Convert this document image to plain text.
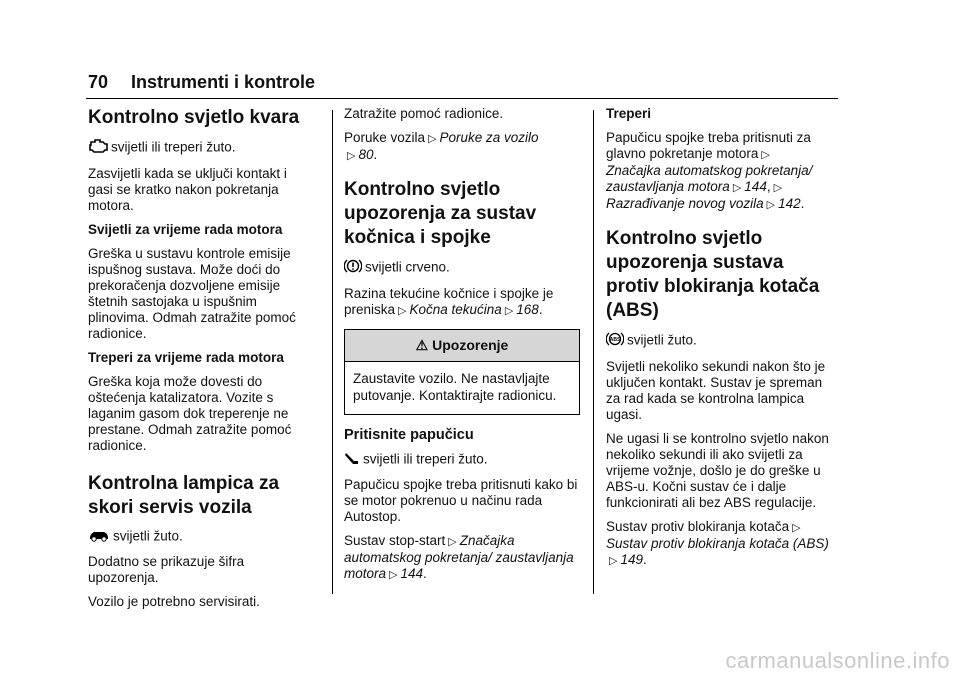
70 Instrumenti i kontrole
Kontrolno svjetlo kvara

svijetli ili treperi žuto.

Zasvijetli kada se uključi kontakt i gasi se kratko nakon pokretanja motora.

Svijetli za vrijeme rada motora

Greška u sustavu kontrole emisije ispušnog sustava. Može doći do prekoračenja dozvoljene emisije štetnih sastojaka u ispušnim plinovima. Odmah zatražite pomoć radionice.

Treperi za vrijeme rada motora

Greška koja može dovesti do oštećenja katalizatora. Vozite s laganim gasom dok treperenje ne prestane. Odmah zatražite pomoć radionice.

Kontrolna lampica za skori servis vozila

svijetli žuto.

Dodatno se prikazuje šifra upozorenja.

Vozilo je potrebno servisirati.

Zatražite pomoć radionice.

Poruke vozila ▷ Poruke za vozilo
▷ 80.

Kontrolno svjetlo upozorenja za sustav kočnica i spojke

svijetli crveno.

Razina tekućine kočnice i spojke je preniska ▷ Kočna tekućina ▷ 168.

⚠ Upozorenje
Zaustavite vozilo. Ne nastavljajte putovanje. Kontaktirajte radionicu.
Pritisnite papučicu

svijetli ili treperi žuto.

Papučicu spojke treba pritisnuti kako bi se motor pokrenuo u načinu rada Autostop.

Sustav stop-start ▷ Značajka automatskog pokretanja/ zaustavljanja motora ▷ 144.

Treperi

Papučicu spojke treba pritisnuti za glavno pokretanje motora ▷
Značajka automatskog pokretanja/ zaustavljanja motora ▷ 144, ▷
Razrađivanje novog vozila ▷ 142.

Kontrolno svjetlo upozorenja sustava protiv blokiranja kotača (ABS)

ABS svijetli žuto.

Svijetli nekoliko sekundi nakon što je uključen kontakt. Sustav je spreman za rad kada se kontrolna lampica ugasi.

Ne ugasi li se kontrolno svjetlo nakon nekoliko sekundi ili ako svijetli za vrijeme vožnje, došlo je do greške u ABS-u. Kočni sustav će i dalje funkcionirati ali bez ABS regulacije.

Sustav protiv blokiranja kotača ▷
Sustav protiv blokiranja kotača (ABS)▷ 149.

carmanualsonline.info
